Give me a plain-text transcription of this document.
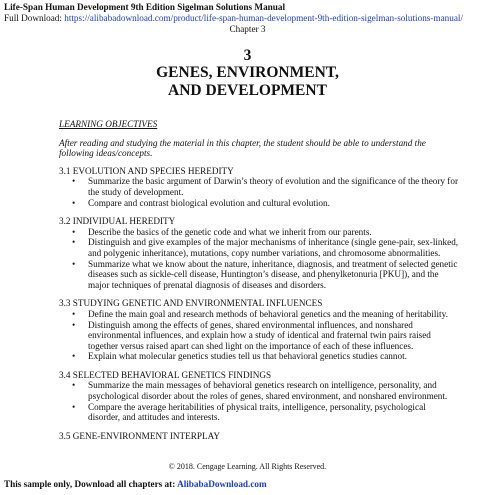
Life-Span Human Development 9th Edition Sigelman Solutions Manual
Full Download: https://alibabadownload.com/product/life-span-human-development-9th-edition-sigelman-solutions-manual/
Chapter 3
3
GENES, ENVIRONMENT,
AND DEVELOPMENT

LEARNING OBJECTIVES

After reading and studying the material in this chapter, the student should be able to understand the following ideas/concepts.

3.1 EVOLUTION AND SPECIES HEREDITY

• Summarize the basic argument of Darwin’s theory of evolution and the significance of the theory for the study of development.
• Compare and contrast biological evolution and cultural evolution.

3.2 INDIVIDUAL HEREDITY

• Describe the basics of the genetic code and what we inherit from our parents.
• Distinguish and give examples of the major mechanisms of inheritance (single gene-pair, sex-linked, and polygenic inheritance), mutations, copy number variations, and chromosome abnormalities.
• Summarize what we know about the nature, inheritance, diagnosis, and treatment of selected genetic diseases such as sickle-cell disease, Huntington’s disease, and phenylketonuria [PKU]), and the major techniques of prenatal diagnosis of diseases and disorders.

3.3 STUDYING GENETIC AND ENVIRONMENTAL INFLUENCES

• Define the main goal and research methods of behavioral genetics and the meaning of heritability.
• Distinguish among the effects of genes, shared environmental influences, and nonshared environmental influences, and explain how a study of identical and fraternal twin pairs raised together versus raised apart can shed light on the importance of each of these influences.
• Explain what molecular genetics studies tell us that behavioral genetics studies cannot.

3.4 SELECTED BEHAVIORAL GENETICS FINDINGS

• Summarize the main messages of behavioral genetics research on intelligence, personality, and psychological disorder about the roles of genes, shared environment, and nonshared environment.
• Compare the average heritabilities of physical traits, intelligence, personality, psychological disorder, and attitudes and interests.

3.5 GENE-ENVIRONMENT INTERPLAY

© 2018. Cengage Learning. All Rights Reserved.
This sample only, Download all chapters at: AlibabaDownload.com
